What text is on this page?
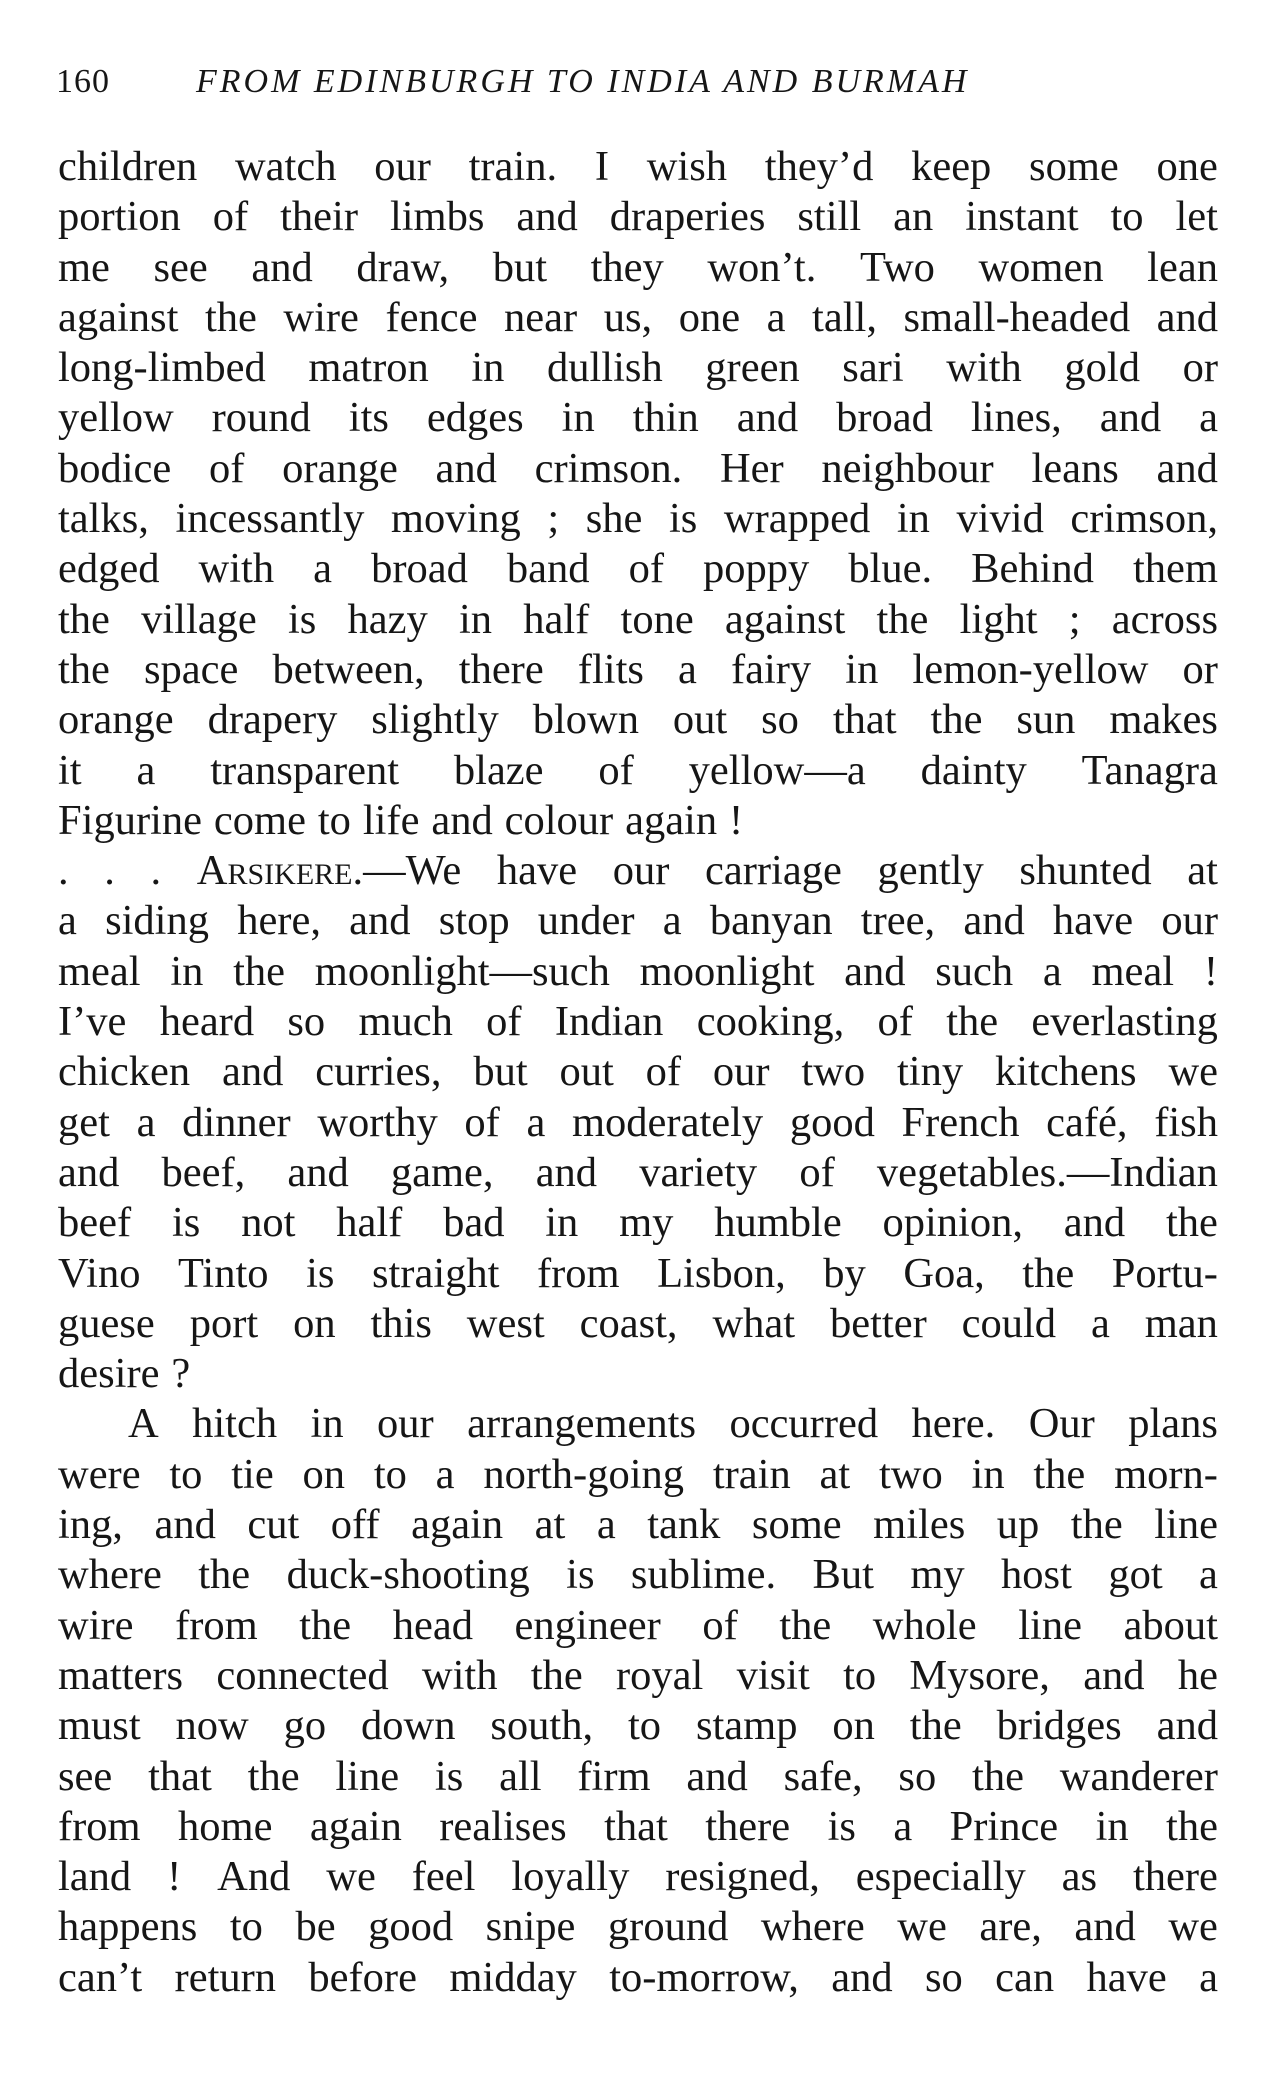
160	FROM EDINBURGH TO INDIA AND BURMAH
children watch our train. I wish they’d keep some one
portion of their limbs and draperies still an instant to let
me see and draw, but they won’t. Two women lean
against the wire fence near us, one a tall, small-headed and
long-limbed matron in dullish green sari with gold or
yellow round its edges in thin and broad lines, and a
bodice of orange and crimson. Her neighbour leans and
talks, incessantly moving ; she is wrapped in vivid crimson,
edged with a broad band of poppy blue. Behind them
the village is hazy in half tone against the light ; across
the space between, there flits a fairy in lemon-yellow or
orange drapery slightly blown out so that the sun makes
it a transparent blaze of yellow—a dainty Tanagra
Figurine come to life and colour again !
. . . Arsikere.—We have our carriage gently shunted at
a siding here, and stop under a banyan tree, and have our
meal in the moonlight—such moonlight and such a meal !
I’ve heard so much of Indian cooking, of the everlasting
chicken and curries, but out of our two tiny kitchens we
get a dinner worthy of a moderately good French café, fish
and beef, and game, and variety of vegetables.—Indian
beef is not half bad in my humble opinion, and the
Vino Tinto is straight from Lisbon, by Goa, the Portu-
guese port on this west coast, what better could a man
desire ?
A hitch in our arrangements occurred here. Our plans
were to tie on to a north-going train at two in the morn-
ing, and cut off again at a tank some miles up the line
where the duck-shooting is sublime. But my host got a
wire from the head engineer of the whole line about
matters connected with the royal visit to Mysore, and he
must now go down south, to stamp on the bridges and
see that the line is all firm and safe, so the wanderer
from home again realises that there is a Prince in the
land ! And we feel loyally resigned, especially as there
happens to be good snipe ground where we are, and we
can’t return before midday to-morrow, and so can have a
